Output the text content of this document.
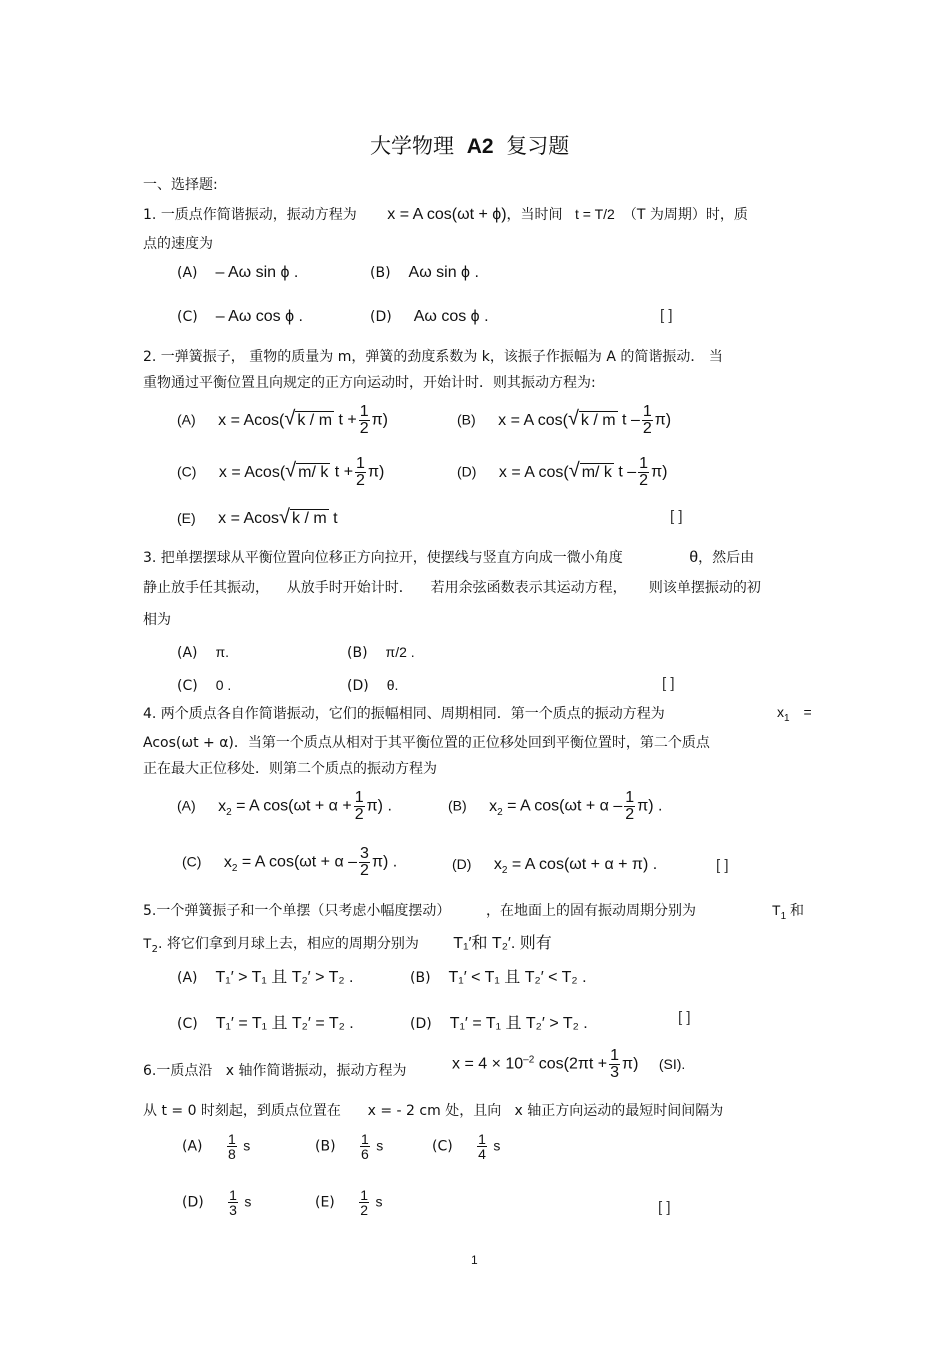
大学物理 A2 复习题
一、选择题:
1. 一质点作简谐振动，振动方程为 x = A cos(ωt + ϕ)，当时间 t = T/2 （T 为周期）时，质
点的速度为
(A) – Aω sin ϕ .	(B) Aω sin ϕ .
(C) – Aω cos ϕ .	(D) Aω cos ϕ .	[ ]
2. 一弹簧振子， 重物的质量为 m，弹簧的劲度系数为 k，该振子作振幅为 A 的简谐振动． 当
重物通过平衡位置且向规定的正方向运动时，开始计时．则其振动方程为:
(A) x = Acos(√ k / m $t + \frac{1}{2} \pi$)	(B) x = A cos(√ k / m t – $\frac{1}{2} \pi$)
(C) x = Acos(√ m/ k $t + \frac{1}{2} \pi$)	(D) x = A cos(√ m/ k t – $\frac{1}{2} \pi$)
(E) x = Acos√ k / m t	[ ]
3. 把单摆摆球从平衡位置向位移正方向拉开，使摆线与竖直方向成一微小角度	θ，然后由
静止放手任其振动，    从放手时开始计时．    若用余弦函数表示其运动方程，     则该单摆振动的初
相为
(A) π.	(B) π/2 .
(C) 0 .	(D) θ.	[ ]
4. 两个质点各自作简谐振动，它们的振幅相同、周期相同．第一个质点的振动方程为	$x_1$ =
Acos(ωt + α)．当第一个质点从相对于其平衡位置的正位移处回到平衡位置时，第二个质点
正在最大正位移处．则第二个质点的振动方程为
(A) $x_2 = A$ $\cos(\omega t + \alpha + \frac{1}{2} \pi)$ .	(B) $x_2 = A$ $\cos(\omega t + \alpha - \frac{1}{2} \pi)$ .
(C) $x_2 = A$ $\cos(\omega t + \alpha - \frac{3}{2} \pi)$ .	(D) $x_2 = A$ cos(ωt + α + π) .	[ ]
5.一个弹簧振子和一个单摆（只考虑小幅度摆动）        ，在地面上的固有振动周期分别为	$T_1$ 和
$T_2$. 将它们拿到月球上去，相应的周期分别为 T₁′和 T₂′. 则有
(A) T₁′ > T₁ 且 T₂′ > T₂ .	(B) T₁′ < T₁ 且 T₂′ < T₂ .
(C) T₁′ = T₁ 且 T₂′ = T₂ .	(D) T₁′ = T₁ 且 T₂′ > T₂ .	[ ]
6.一质点沿   x 轴作简谐振动，振动方程为	$x = 4 \times 10^{-2}$ $\cos(2\pi t + \frac{1}{3} \pi)$ (SI).
从 t = 0 时刻起，到质点位置在      x = - 2 cm 处，且向   x 轴正方向运动的最短时间间隔为
$(A) \frac{1}{8}$ s	$(B) \frac{1}{6}$ s	$(C) \frac{1}{4}$ s
$(D) \frac{1}{3}$ s	$(E) \frac{1}{2}$ s	[ ]
1
